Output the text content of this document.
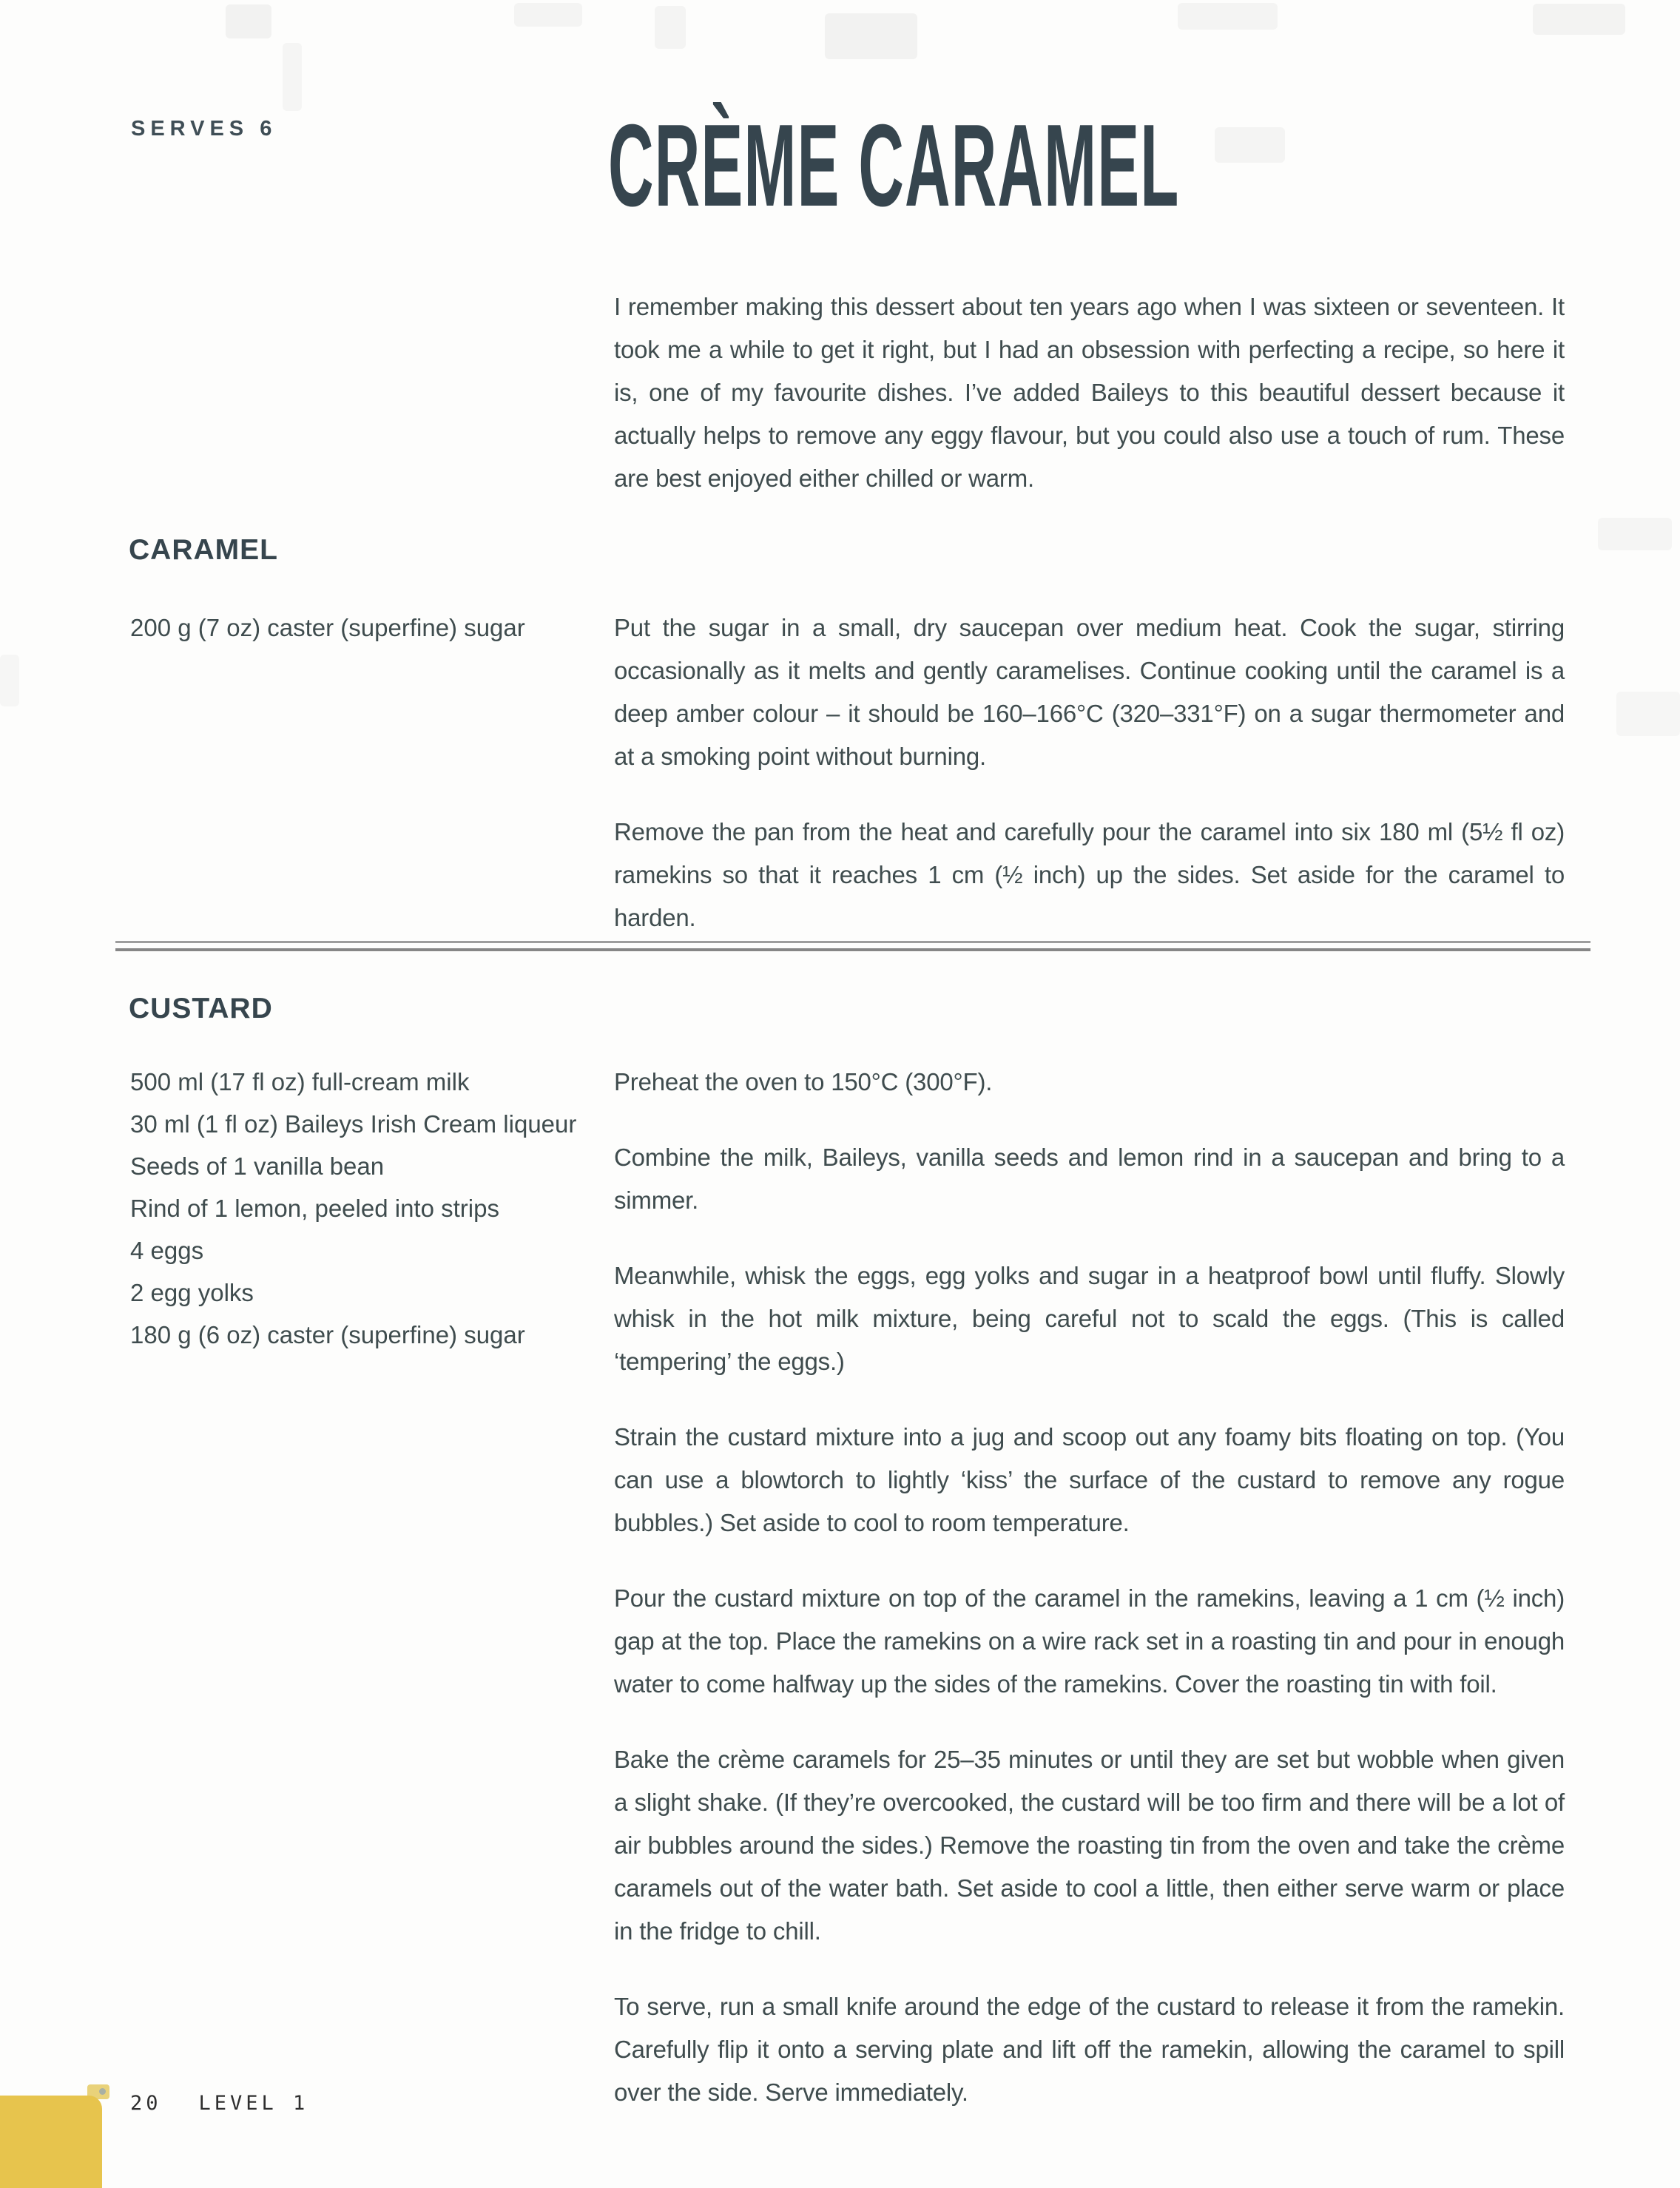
SERVES 6	CRÈME CARAMEL
I remember making this dessert about ten years ago when I was sixteen or seventeen. It took me a while to get it right, but I had an obsession with perfecting a recipe, so here it is, one of my favourite dishes. I’ve added Baileys to this beautiful dessert because it actually helps to remove any eggy flavour, but you could also use a touch of rum. These are best enjoyed either chilled or warm.
CARAMEL
200 g (7 oz) caster (superfine) sugar	Put the sugar in a small, dry saucepan over medium heat. Cook the sugar, stirring occasionally as it melts and gently caramelises. Continue cooking until the caramel is a deep amber colour – it should be 160–166°C (320–331°F) on a sugar thermometer and at a smoking point without burning.

Remove the pan from the heat and carefully pour the caramel into six 180 ml (5½ fl oz) ramekins so that it reaches 1 cm (½ inch) up the sides. Set aside for the caramel to harden.

CUSTARD
500 ml (17 fl oz) full-cream milk
30 ml (1 fl oz) Baileys Irish Cream liqueur
Seeds of 1 vanilla bean
Rind of 1 lemon, peeled into strips
4 eggs
2 egg yolks
180 g (6 oz) caster (superfine) sugar

Preheat the oven to 150°C (300°F).

Combine the milk, Baileys, vanilla seeds and lemon rind in a saucepan and bring to a simmer.

Meanwhile, whisk the eggs, egg yolks and sugar in a heatproof bowl until fluffy. Slowly whisk in the hot milk mixture, being careful not to scald the eggs. (This is called ‘tempering’ the eggs.)

Strain the custard mixture into a jug and scoop out any foamy bits floating on top. (You can use a blowtorch to lightly ‘kiss’ the surface of the custard to remove any rogue bubbles.) Set aside to cool to room temperature.

Pour the custard mixture on top of the caramel in the ramekins, leaving a 1 cm (½ inch) gap at the top. Place the ramekins on a wire rack set in a roasting tin and pour in enough water to come halfway up the sides of the ramekins. Cover the roasting tin with foil.

Bake the crème caramels for 25–35 minutes or until they are set but wobble when given a slight shake. (If they’re overcooked, the custard will be too firm and there will be a lot of air bubbles around the sides.) Remove the roasting tin from the oven and take the crème caramels out of the water bath. Set aside to cool a little, then either serve warm or place in the fridge to chill.

To serve, run a small knife around the edge of the custard to release it from the ramekin. Carefully flip it onto a serving plate and lift off the ramekin, allowing the caramel to spill over the side. Serve immediately.

20 LEVEL 1
